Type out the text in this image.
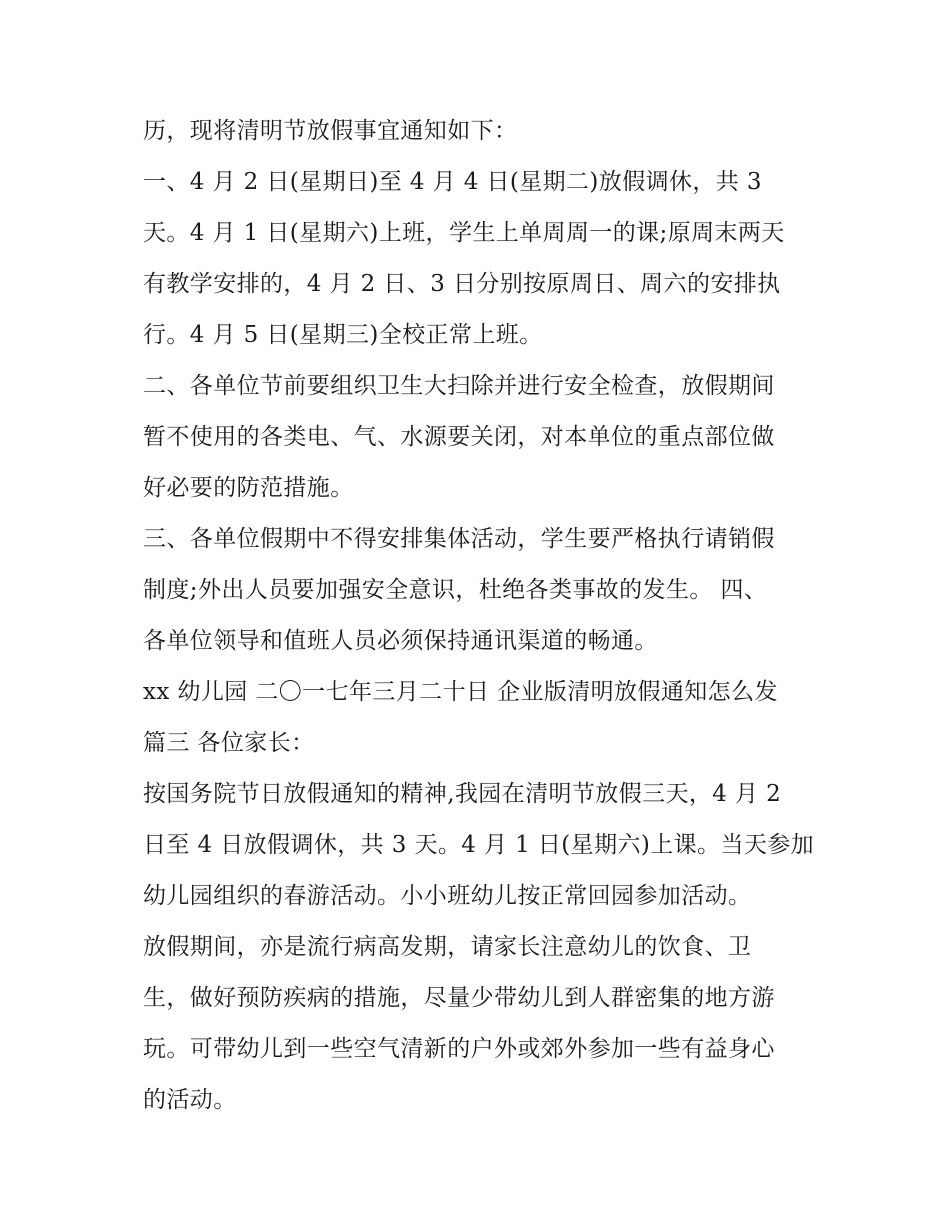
历，现将清明节放假事宜通知如下：
一、4 月 2 日(星期日)至 4 月 4 日(星期二)放假调休，共 3
天。4 月 1 日(星期六)上班，学生上单周周一的课;原周末两天
有教学安排的，4 月 2 日、3 日分别按原周日、周六的安排执
行。4 月 5 日(星期三)全校正常上班。
二、各单位节前要组织卫生大扫除并进行安全检查，放假期间
暂不使用的各类电、气、水源要关闭，对本单位的重点部位做
好必要的防范措施。
三、各单位假期中不得安排集体活动，学生要严格执行请销假
制度;外出人员要加强安全意识，杜绝各类事故的发生。 四、
各单位领导和值班人员必须保持通讯渠道的畅通。
xx 幼儿园 二〇一七年三月二十日 企业版清明放假通知怎么发
篇三 各位家长：
按国务院节日放假通知的精神,我园在清明节放假三天，4 月 2
日至 4 日放假调休，共 3 天。4 月 1 日(星期六)上课。当天参加
幼儿园组织的春游活动。小小班幼儿按正常回园参加活动。
放假期间，亦是流行病高发期，请家长注意幼儿的饮食、卫
生，做好预防疾病的措施，尽量少带幼儿到人群密集的地方游
玩。可带幼儿到一些空气清新的户外或郊外参加一些有益身心
的活动。
